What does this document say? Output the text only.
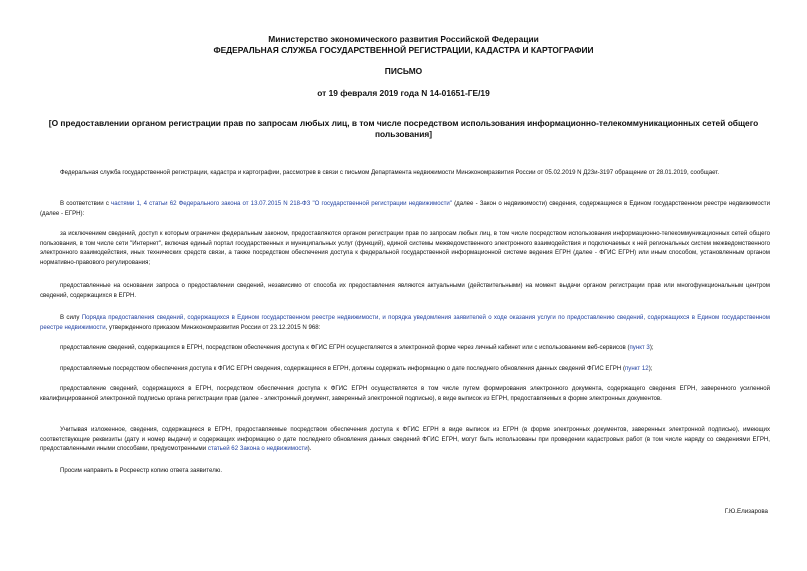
Министерство экономического развития Российской Федерации
ФЕДЕРАЛЬНАЯ СЛУЖБА ГОСУДАРСТВЕННОЙ РЕГИСТРАЦИИ, КАДАСТРА И КАРТОГРАФИИ
ПИСЬМО
от 19 февраля 2019 года N 14-01651-ГЕ/19
[О предоставлении органом регистрации прав по запросам любых лиц, в том числе посредством использования информационно-телекоммуникационных сетей общего пользования]
Федеральная служба государственной регистрации, кадастра и картографии, рассмотрев в связи с письмом Департамента недвижимости Минэкономразвития России от 05.02.2019 N Д23и-3197 обращение от 28.01.2019, сообщает.
В соответствии с частями 1, 4 статьи 62 Федерального закона от 13.07.2015 N 218-ФЗ "О государственной регистрации недвижимости" (далее - Закон о недвижимости) сведения, содержащиеся в Едином государственном реестре недвижимости (далее - ЕГРН):
за исключением сведений, доступ к которым ограничен федеральным законом, предоставляются органом регистрации прав по запросам любых лиц, в том числе посредством использования информационно-телекоммуникационных сетей общего пользования, в том числе сети "Интернет", включая единый портал государственных и муниципальных услуг (функций), единой системы межведомственного электронного взаимодействия и подключаемых к ней региональных систем межведомственного электронного взаимодействия, иных технических средств связи, а также посредством обеспечения доступа к федеральной государственной информационной системе ведения ЕГРН (далее - ФГИС ЕГРН) или иным способом, установленным органом нормативно-правового регулирования;
предоставленные на основании запроса о предоставлении сведений, независимо от способа их предоставления являются актуальными (действительными) на момент выдачи органом регистрации прав или многофункциональным центром сведений, содержащихся в ЕГРН.
В силу Порядка предоставления сведений, содержащихся в Едином государственном реестре недвижимости, и порядка уведомления заявителей о ходе оказания услуги по предоставлению сведений, содержащихся в Едином государственном реестре недвижимости, утвержденного приказом Минэкономразвития России от 23.12.2015 N 968:
предоставление сведений, содержащихся в ЕГРН, посредством обеспечения доступа к ФГИС ЕГРН осуществляется в электронной форме через личный кабинет или с использованием веб-сервисов (пункт 3);
предоставляемые посредством обеспечения доступа к ФГИС ЕГРН сведения, содержащиеся в ЕГРН, должны содержать информацию о дате последнего обновления данных сведений ФГИС ЕГРН (пункт 12);
предоставление сведений, содержащихся в ЕГРН, посредством обеспечения доступа к ФГИС ЕГРН осуществляется в том числе путем формирования электронного документа, содержащего сведения ЕГРН, заверенного усиленной квалифицированной электронной подписью органа регистрации прав (далее - электронный документ, заверенный электронной подписью), в виде выписок из ЕГРН, предоставляемых в форме электронных документов.
Учитывая изложенное, сведения, содержащиеся в ЕГРН, предоставляемые посредством обеспечения доступа к ФГИС ЕГРН в виде выписок из ЕГРН (в форме электронных документов, заверенных электронной подписью), имеющих соответствующие реквизиты (дату и номер выдачи) и содержащих информацию о дате последнего обновления данных сведений ФГИС ЕГРН, могут быть использованы при проведении кадастровых работ (в том числе наряду со сведениями ЕГРН, предоставленными иными способами, предусмотренными статьей 62 Закона о недвижимости).
Просим направить в Росреестр копию ответа заявителю.
Г.Ю.Елизарова
